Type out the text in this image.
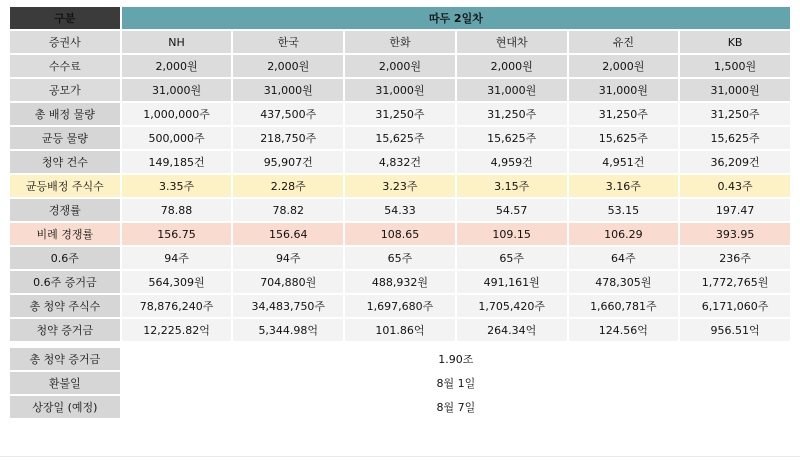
구분	따두 2일차					
증권사	NH	한국	한화	현대차	유진	KB
수수료	2,000원	2,000원	2,000원	2,000원	2,000원	1,500원
공모가	31,000원	31,000원	31,000원	31,000원	31,000원	31,000원
총 배정 물량	1,000,000주	437,500주	31,250주	31,250주	31,250주	31,250주
균등 물량	500,000주	218,750주	15,625주	15,625주	15,625주	15,625주
청약 건수	149,185건	95,907건	4,832건	4,959건	4,951건	36,209건
균등배정 주식수	3.35주	2.28주	3.23주	3.15주	3.16주	0.43주
경쟁률	78.88	78.82	54.33	54.57	53.15	197.47
비례 경쟁률	156.75	156.64	108.65	109.15	106.29	393.95
0.6주	94주	94주	65주	65주	64주	236주
0.6주 증거금	564,309원	704,880원	488,932원	491,161원	478,305원	1,772,765원
총 청약 주식수	78,876,240주	34,483,750주	1,697,680주	1,705,420주	1,660,781주	6,171,060주
청약 증거금	12,225.82억	5,344.98억	101.86억	264.34억	124.56억	956.51억

총 청약 증거금	1.90조					
환불일	8월 1일					
상장일 (예정)	8월 7일					
